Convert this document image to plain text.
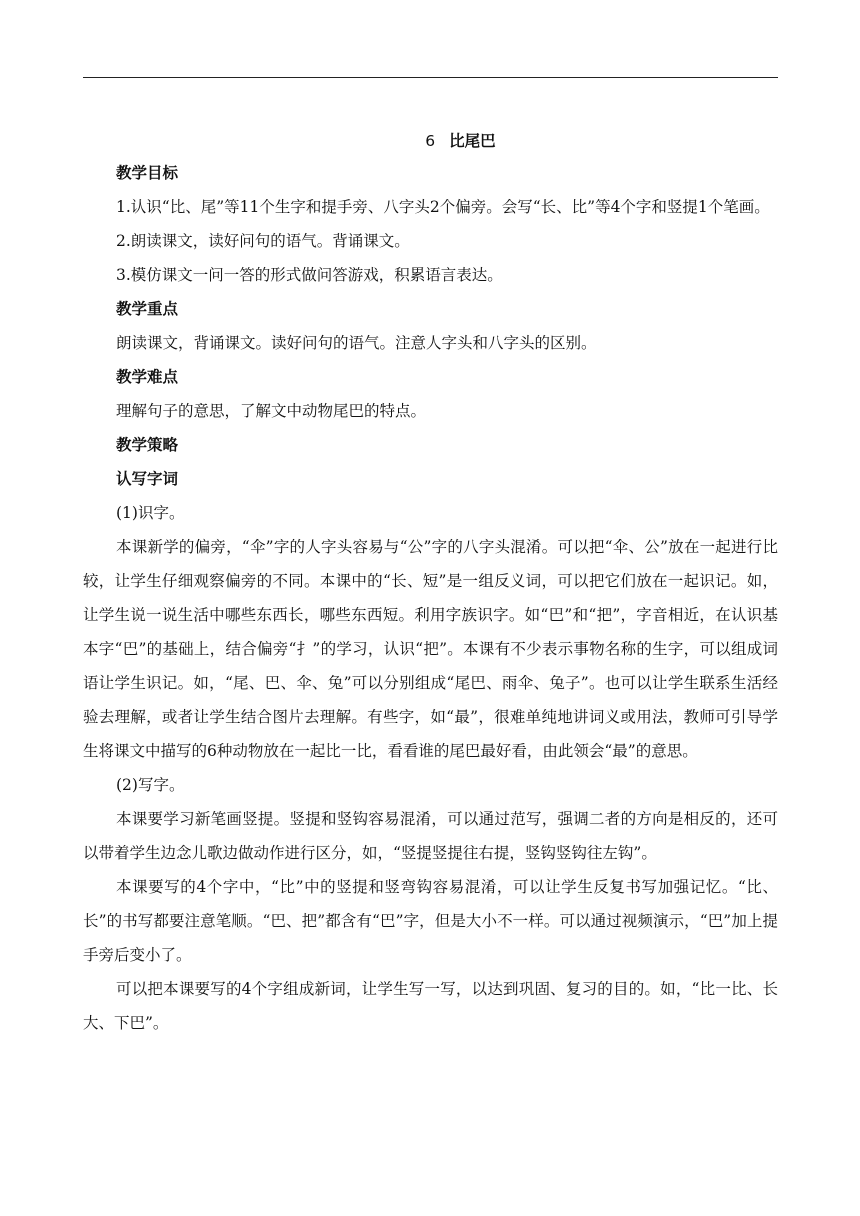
6 比尾巴
教学目标

1.认识“比、尾”等11个生字和提手旁、八字头2个偏旁。会写“长、比”等4个字和竖提1个笔画。

2.朗读课文，读好问句的语气。背诵课文。

3.模仿课文一问一答的形式做问答游戏，积累语言表达。

教学重点

朗读课文，背诵课文。读好问句的语气。注意人字头和八字头的区别。

教学难点

理解句子的意思，了解文中动物尾巴的特点。

教学策略
认写字词

(1)识字。

本课新学的偏旁，“伞”字的人字头容易与“公”字的八字头混淆。可以把“伞、公”放在一起进行比较，让学生仔细观察偏旁的不同。本课中的“长、短”是一组反义词，可以把它们放在一起识记。如，让学生说一说生活中哪些东西长，哪些东西短。利用字族识字。如“巴”和“把”，字音相近，在认识基本字“巴”的基础上，结合偏旁“扌”的学习，认识“把”。本课有不少表示事物名称的生字，可以组成词语让学生识记。如，“尾、巴、伞、兔”可以分别组成“尾巴、雨伞、兔子”。也可以让学生联系生活经验去理解，或者让学生结合图片去理解。有些字，如“最”，很难单纯地讲词义或用法，教师可引导学生将课文中描写的6种动物放在一起比一比，看看谁的尾巴最好看，由此领会“最”的意思。

(2)写字。

本课要学习新笔画竖提。竖提和竖钩容易混淆，可以通过范写，强调二者的方向是相反的，还可以带着学生边念儿歌边做动作进行区分，如，“竖提竖提往右提，竖钩竖钩往左钩”。

本课要写的4个字中，“比”中的竖提和竖弯钩容易混淆，可以让学生反复书写加强记忆。“比、长”的书写都要注意笔顺。“巴、把”都含有“巴”字，但是大小不一样。可以通过视频演示，“巴”加上提手旁后变小了。

可以把本课要写的4个字组成新词，让学生写一写，以达到巩固、复习的目的。如，“比一比、长大、下巴”。
